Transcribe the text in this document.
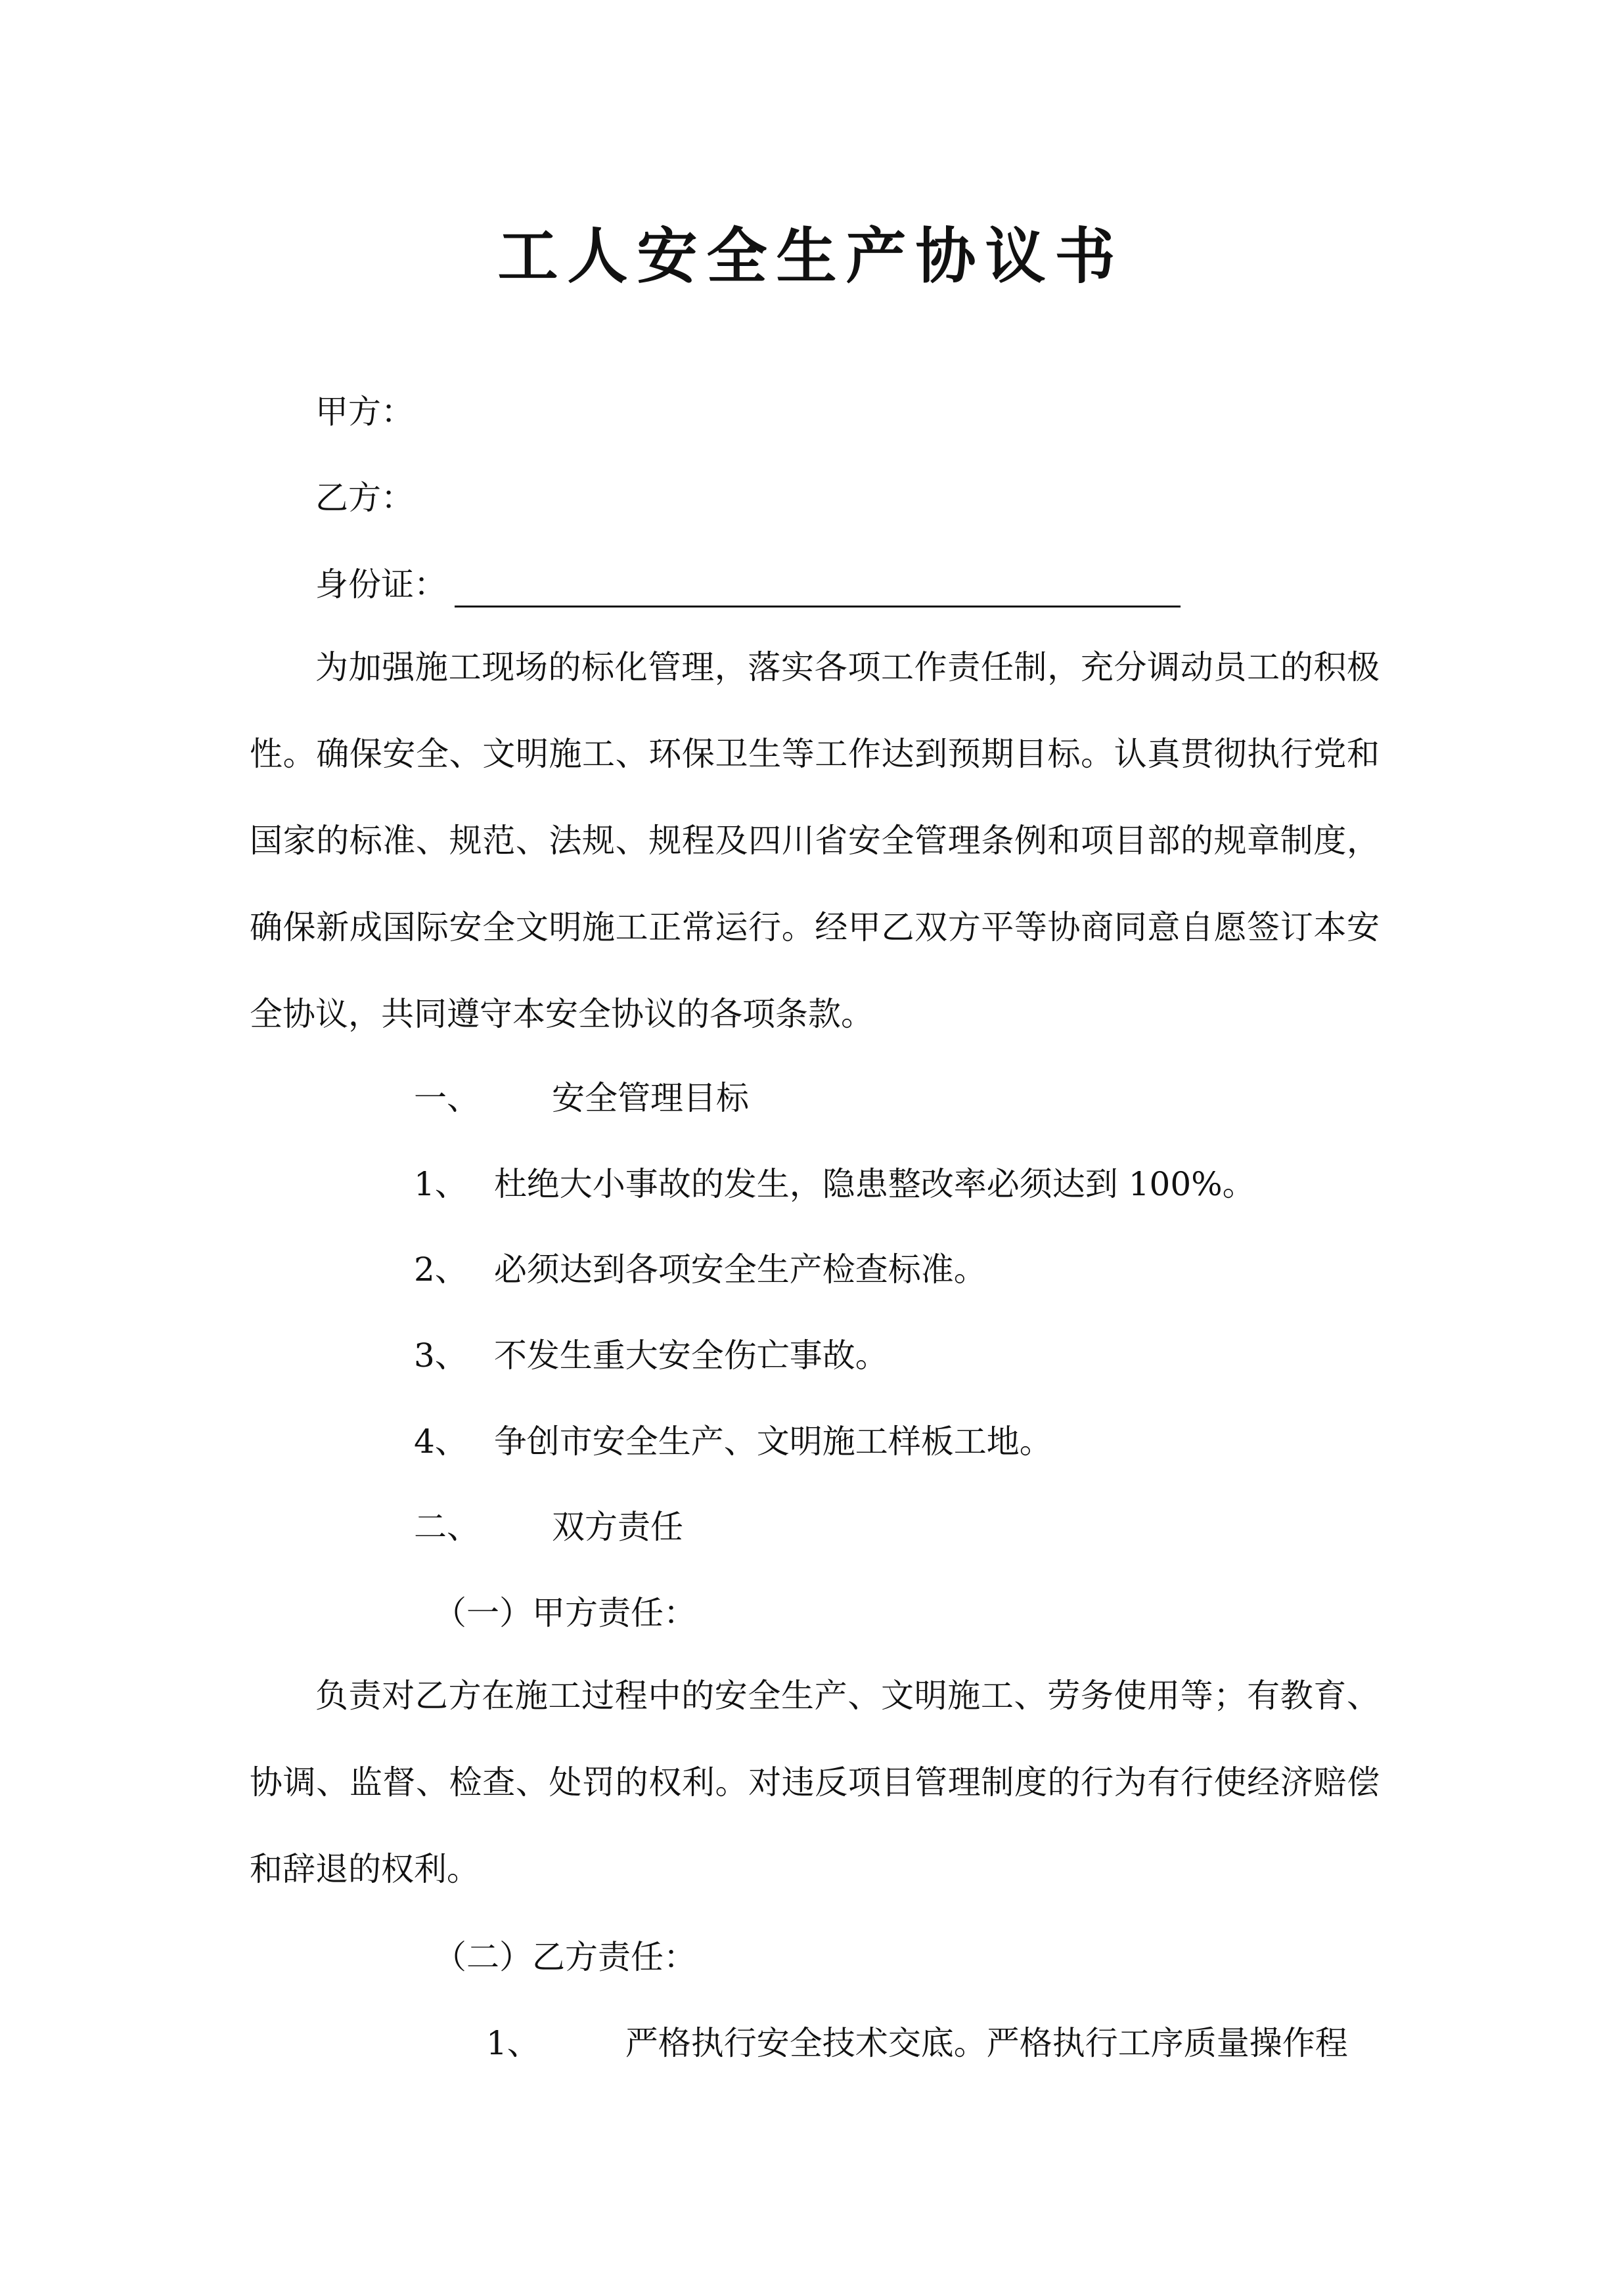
工人安全生产协议书
甲方：
乙方：
身份证：
为加强施工现场的标化管理，落实各项工作责任制，充分调动员工的积极性。确保安全、文明施工、环保卫生等工作达到预期目标。认真贯彻执行党和国家的标准、规范、法规、规程及四川省安全管理条例和项目部的规章制度，确保新成国际安全文明施工正常运行。经甲乙双方平等协商同意自愿签订本安全协议，共同遵守本安全协议的各项条款。
一、 安全管理目标
1、 杜绝大小事故的发生，隐患整改率必须达到 100%。
2、 必须达到各项安全生产检查标准。
3、 不发生重大安全伤亡事故。
4、 争创市安全生产、文明施工样板工地。
二、 双方责任
（一）甲方责任：
负责对乙方在施工过程中的安全生产、文明施工、劳务使用等；有教育、协调、监督、检查、处罚的权利。对违反项目管理制度的行为有行使经济赔偿和辞退的权利。
（二）乙方责任：
1、	严格执行安全技术交底。严格执行工序质量操作程
